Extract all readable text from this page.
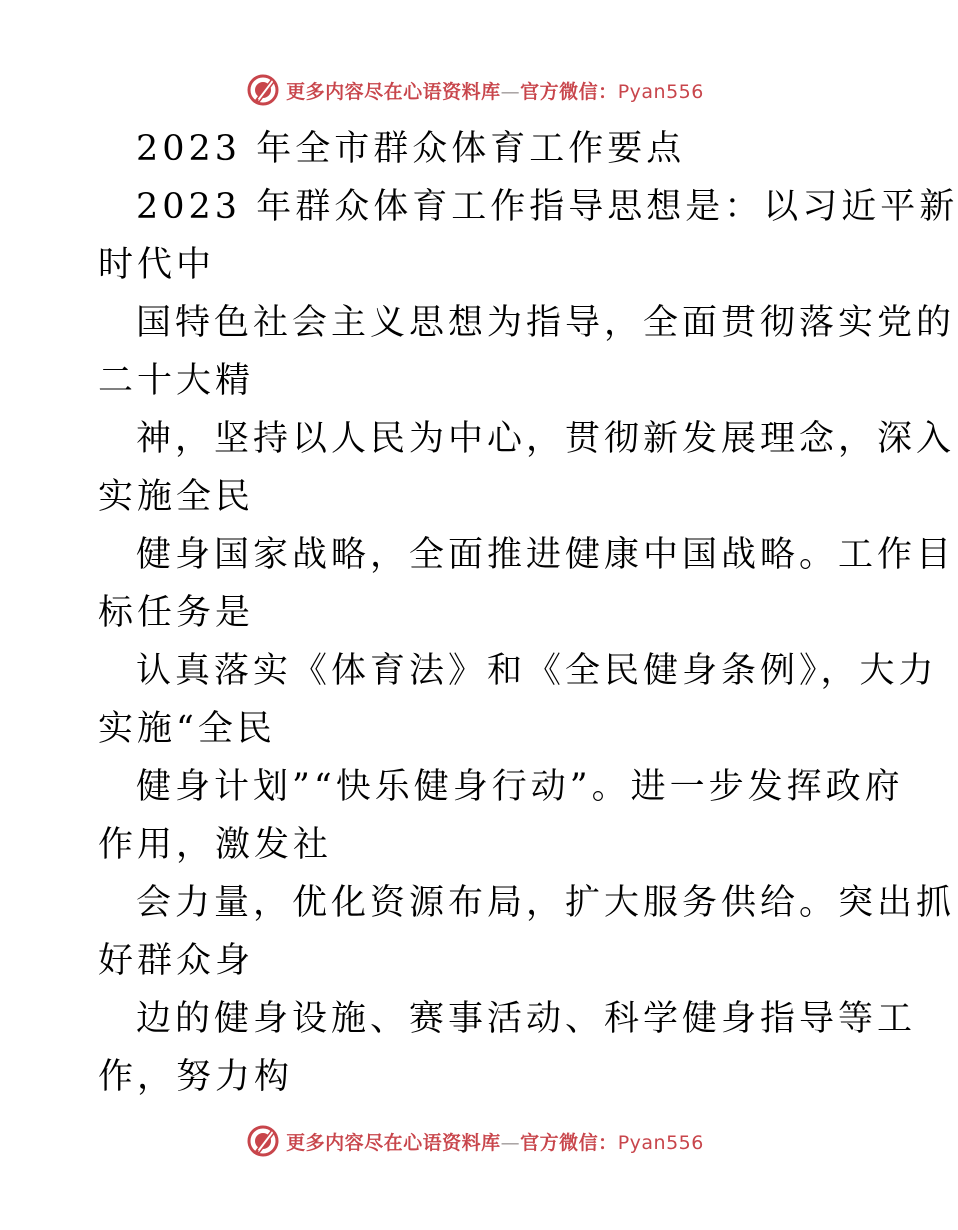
更多内容尽在心语资料库—官方微信：Pyan556
2023 年全市群众体育工作要点
2023 年群众体育工作指导思想是：以习近平新
时代中
国特色社会主义思想为指导，全面贯彻落实党的
二十大精
神，坚持以人民为中心，贯彻新发展理念，深入
实施全民
健身国家战略，全面推进健康中国战略。工作目
标任务是
认真落实《体育法》和《全民健身条例》，大力
实施“全民
健身计划”“快乐健身行动”。进一步发挥政府
作用，激发社
会力量，优化资源布局，扩大服务供给。突出抓
好群众身
边的健身设施、赛事活动、科学健身指导等工
作，努力构
更多内容尽在心语资料库—官方微信：Pyan556
